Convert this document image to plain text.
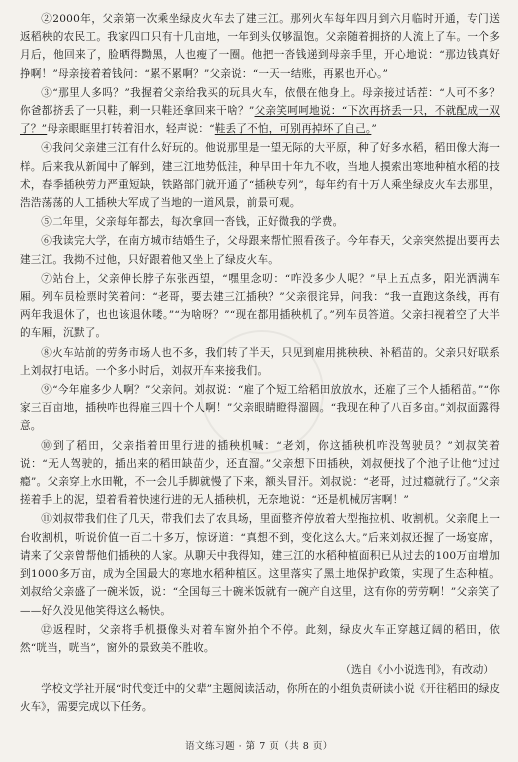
②2000年，父亲第一次乘坐绿皮火车去了建三江。那列火车每年四月到六月临时开通，专门送返稻秧的农民工。我家四口只有十几亩地，一年到头仅够温饱。父亲随着拥挤的人流上了车。一个多月后，他回来了，脸晒得黝黑，人也瘦了一圈。他把一沓钱递到母亲手里，开心地说：“那边钱真好挣啊！”母亲接着着钱问：“累不累啊？”父亲说：“一天一结账，再累也开心。”

③“那里人多吗？”我握着父亲给我买的玩具火车，依偎在他身上。母亲接过话茬：“人可不多？你爸都挤丢了一只鞋，剩一只鞋还拿回来干啥？”父亲笑呵呵地说：“下次再挤丢一只，不就配成一双了？”母亲眼眶里打转着泪水，轻声说：“鞋丢了不怕，可别再掉坏了自己。”

④我问父亲建三江有什么好玩的。他说那里是一望无际的大平原，种了好多水稻，稻田像大海一样。后来我从新闻中了解到，建三江地势低洼，种早田十年九不收，当地人摸索出寒地种植水稻的技术，春季插秧劳力严重短缺，铁路部门就开通了“插秧专列”，每年约有十万人乘坐绿皮火车去那里，浩浩荡荡的人工插秧大军成了当地的一道风景，前景可观。

⑤二年里，父亲每年都去，每次拿回一沓钱，正好微我的学费。

⑥我读完大学，在南方城市结婚生子，父母跟来帮忙照看孩子。今年春天，父亲突然提出要再去建三江。我拗不过他，只好跟着他又坐上了绿皮火车。

⑦站台上，父亲伸长脖子东张西望，“嘿里念叨：“咋没多少人呢？”早上五点多，阳光洒满车厢。列车员检票时笑着问：“老哥，要去建三江插秧？”父亲很诧异，问我：“我一直跑这条线，再有两年我退休了，也也该退休喽。”“为啥呀？”“现在都用插秧机了。”列车员答道。父亲扫视着空了大半的车厢，沉默了。

⑧火车站前的劳务市场人也不多，我们转了半天，只见到雇用挑秧秧、补稻苗的。父亲只好联系上刘叔打电话。一个多小时后，刘叔开车来接我们。

⑨“今年雇多少人啊？”父亲问。刘叔说：“雇了个短工给稻田放放水，还雇了三个人插稻苗。”“你家三百亩地，插秧咋也得雇三四十个人啊！”父亲眼睛瞪得溜圆。“我现在种了八百多亩。”刘叔面露得意。

⑩到了稻田，父亲指着田里行进的插秧机喊：“老刘，你这插秧机咋没驾驶员？”刘叔笑着说：“无人驾驶的，插出来的稻田缺苗少，还直溜。”父亲想下田插秧，刘叔便找了个池子让他“过过瘾”。父亲穿上水田靴，不一会儿手脚就慢了下来，额头冒汗。刘叔说：“老哥，过过瘾就行了。”父亲搓着手上的泥，望着看着快速行进的无人插秧机，无奈地说：“还是机械厉害啊！”

⑪刘叔带我们住了几天，带我们去了农具场，里面整齐停放着大型拖拉机、收割机。父亲爬上一台收割机，听说价值一百二十多万，惊讶道：“真想不到，变化这么大。”后来刘叔还握了一场宴席，请来了父亲曾帮他们插秧的人家。从聊天中我得知，建三江的水稻种植面积已从过去的100万亩增加到1000多万亩，成为全国最大的寒地水稻种植区。这里落实了黑土地保护政策，实现了生态种植。刘叔给父亲盛了一碗米饭，说：“全国每三十碗米饭就有一碗产自这里，这有你的劳劳啊！”父亲笑了——好久没见他笑得这么畅快。

⑫返程时，父亲将手机摄像头对着车窗外拍个不停。此刻，绿皮火车正穿越辽阔的稻田，依然“咣当，咣当”，窗外的景致美不胜收。

（选自《小小说选刊》，有改动）

学校文学社开展“时代变迁中的父辈”主题阅读活动，你所在的小组负责研读小说《开往稻田的绿皮火车》，需要完成以下任务。

语文练习题 · 第 7 页（共 8 页）
